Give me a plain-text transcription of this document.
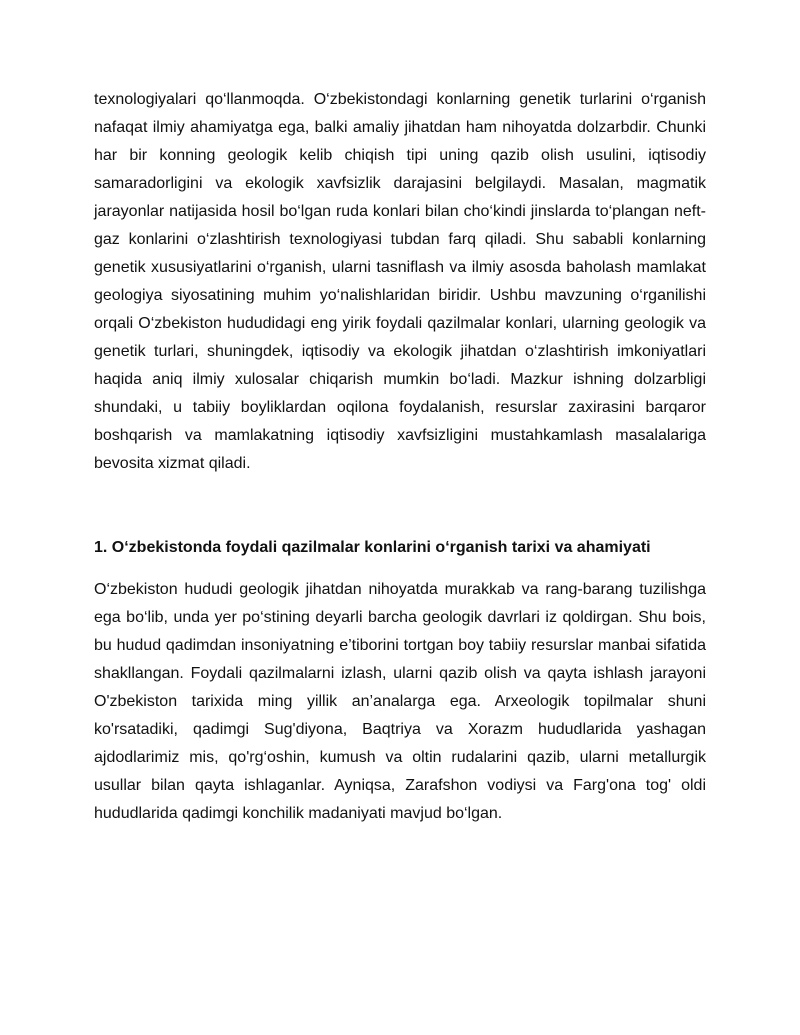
texnologiyalari qo‘llanmoqda. O‘zbekistondagi konlarning genetik turlarini o‘rganish nafaqat ilmiy ahamiyatga ega, balki amaliy jihatdan ham nihoyatda dolzarbdir. Chunki har bir konning geologik kelib chiqish tipi uning qazib olish usulini, iqtisodiy samaradorligini va ekologik xavfsizlik darajasini belgilaydi. Masalan, magmatik jarayonlar natijasida hosil bo‘lgan ruda konlari bilan cho‘kindi jinslarda to‘plangan neft-gaz konlarini o‘zlashtirish texnologiyasi tubdan farq qiladi. Shu sababli konlarning genetik xususiyatlarini o‘rganish, ularni tasniflash va ilmiy asosda baholash mamlakat geologiya siyosatining muhim yo‘nalishlaridan biridir. Ushbu mavzuning o‘rganilishi orqali O‘zbekiston hududidagi eng yirik foydali qazilmalar konlari, ularning geologik va genetik turlari, shuningdek, iqtisodiy va ekologik jihatdan o‘zlashtirish imkoniyatlari haqida aniq ilmiy xulosalar chiqarish mumkin bo‘ladi. Mazkur ishning dolzarbligi shundaki, u tabiiy boyliklardan oqilona foydalanish, resurslar zaxirasini barqaror boshqarish va mamlakatning iqtisodiy xavfsizligini mustahkamlash masalalariga bevosita xizmat qiladi.

1. O‘zbekistonda foydali qazilmalar konlarini o‘rganish tarixi va ahamiyati

O‘zbekiston hududi geologik jihatdan nihoyatda murakkab va rang-barang tuzilishga ega bo‘lib, unda yer po‘stining deyarli barcha geologik davrlari iz qoldirgan. Shu bois, bu hudud qadimdan insoniyatning e’tiborini tortgan boy tabiiy resurslar manbai sifatida shakllangan. Foydali qazilmalarni izlash, ularni qazib olish va qayta ishlash jarayoni O'zbekiston tarixida ming yillik an’analarga ega. Arxeologik topilmalar shuni ko'rsatadiki, qadimgi Sug'diyona, Baqtriya va Xorazm hududlarida yashagan ajdodlarimiz mis, qo'rg‘oshin, kumush va oltin rudalarini qazib, ularni metallurgik usullar bilan qayta ishlaganlar. Ayniqsa, Zarafshon vodiysi va Farg'ona tog' oldi hududlarida qadimgi konchilik madaniyati mavjud bo‘lgan.
